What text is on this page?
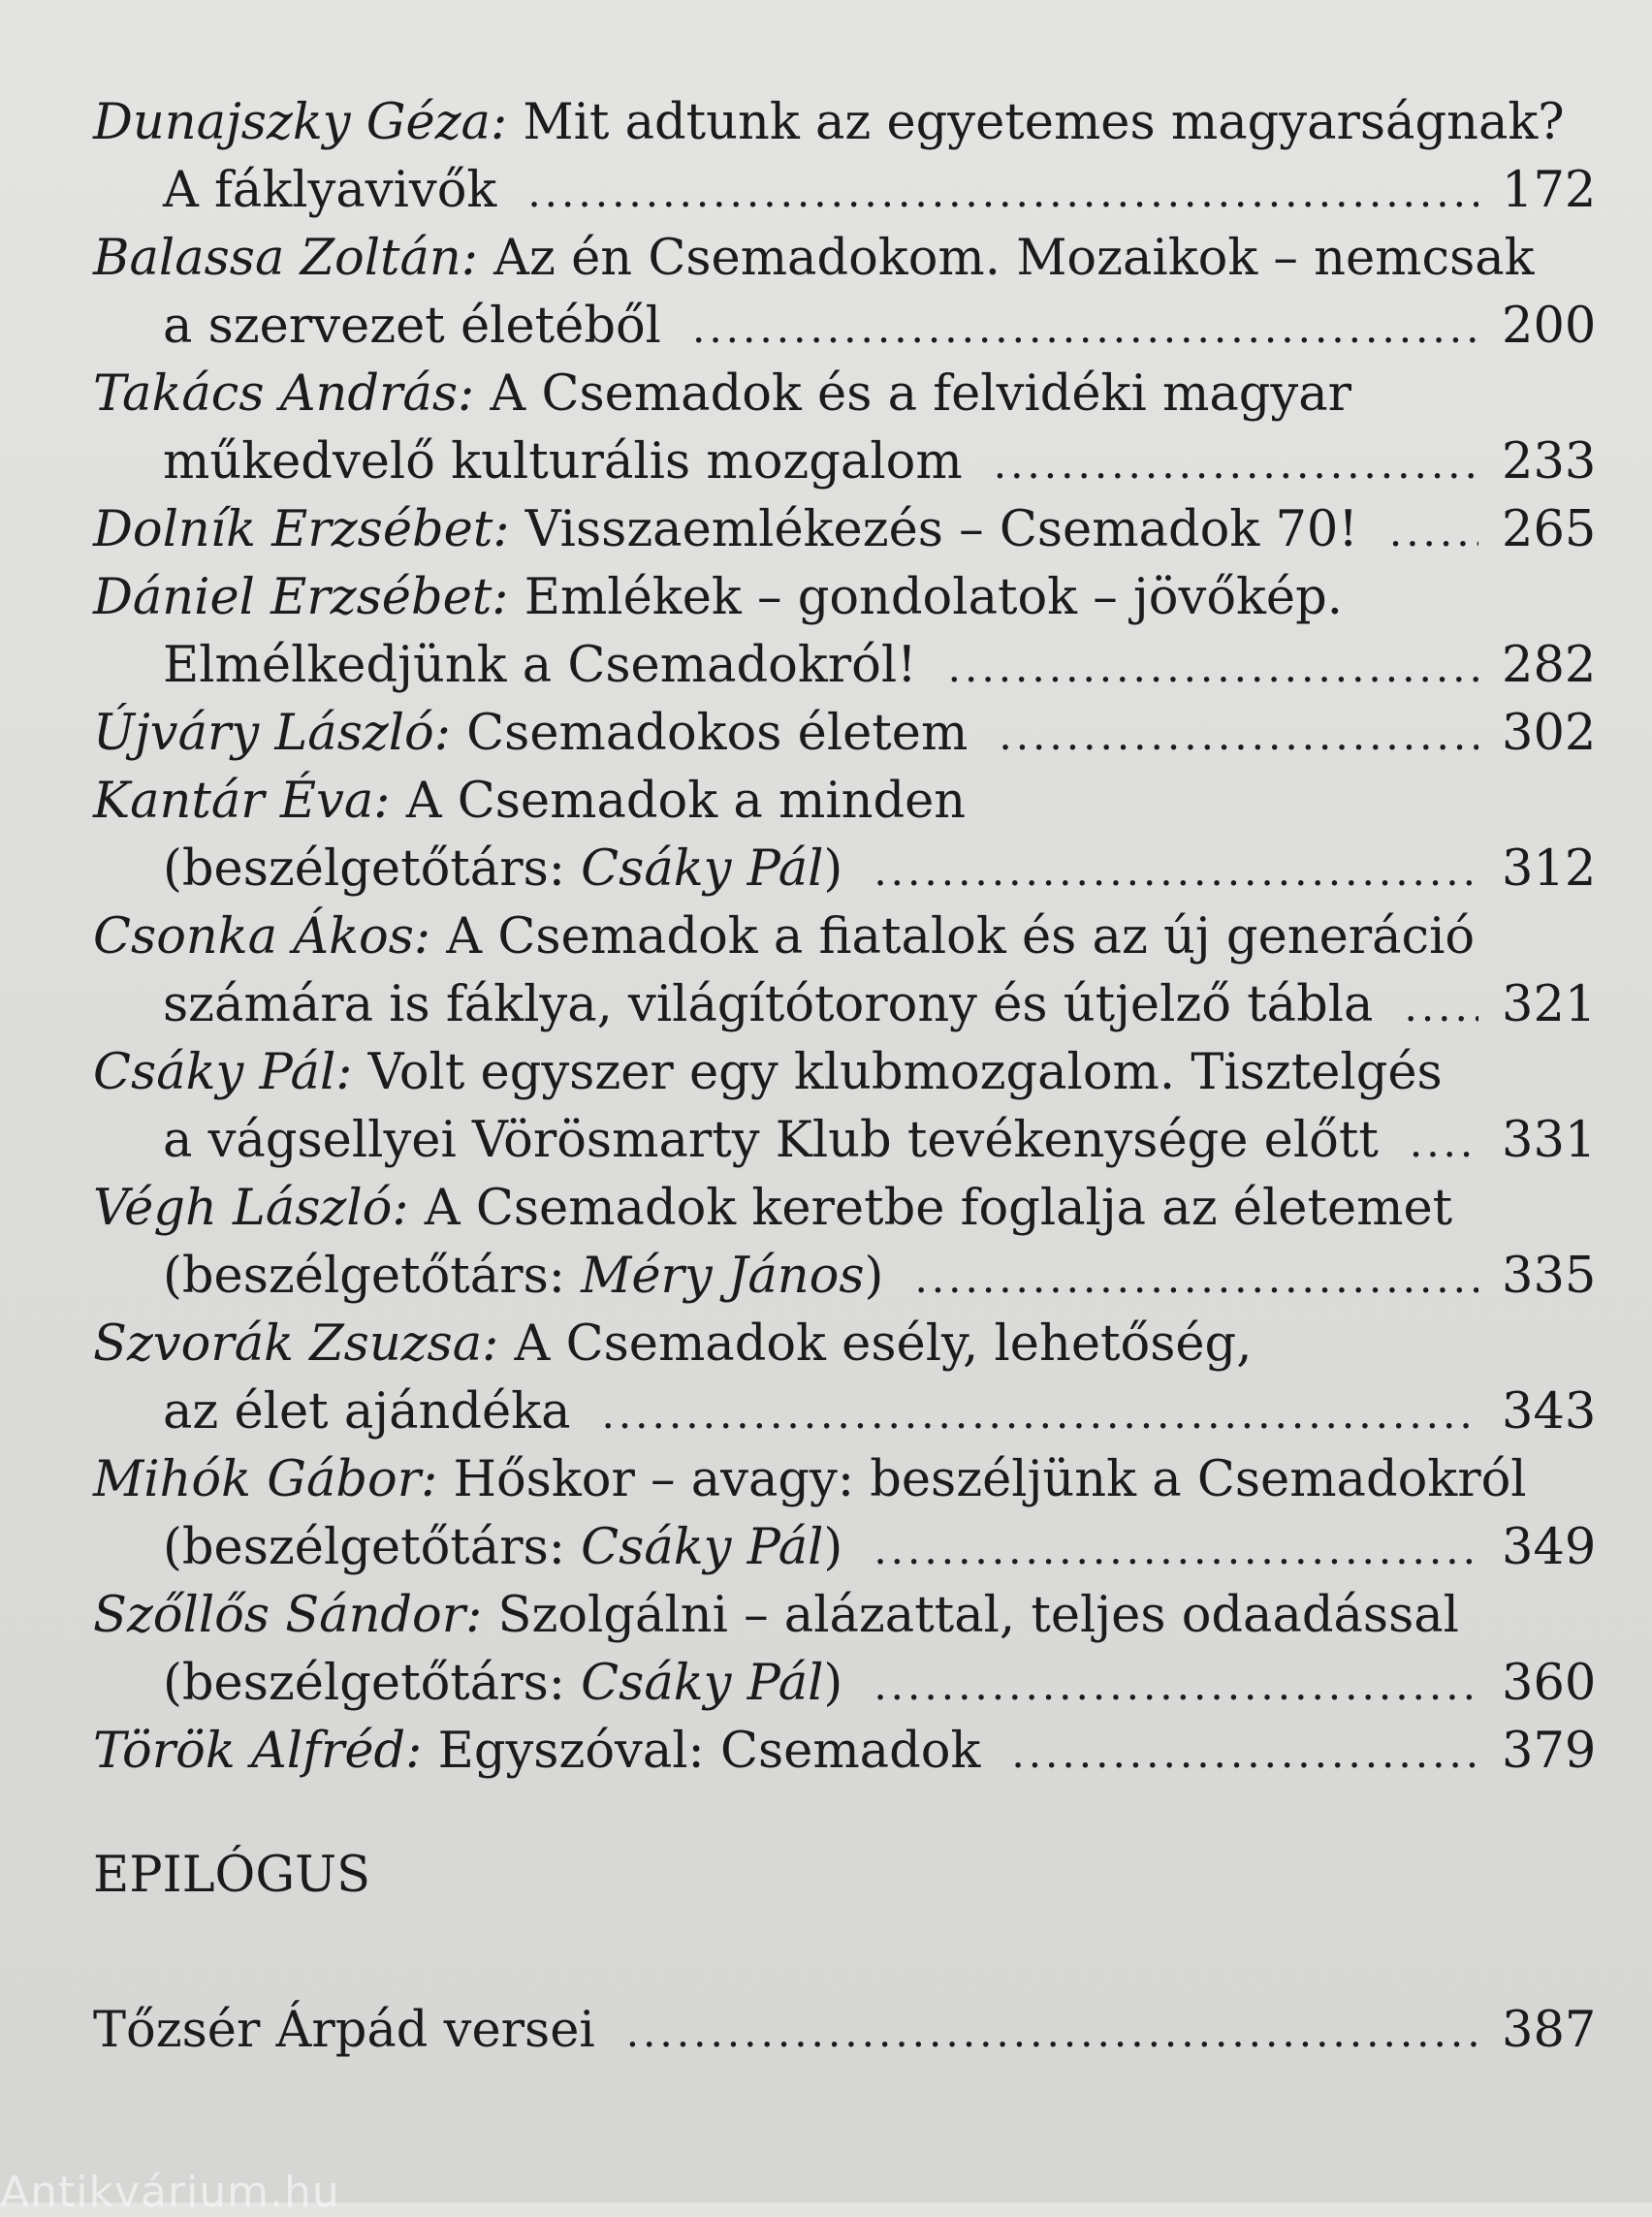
Dunajszky Géza: Mit adtunk az egyetemes magyarságnak?
A fáklyavivők .....	172
Balassa Zoltán: Az én Csemadokom. Mozaikok – nemcsak
a szervezet életéből .....	200
Takács András: A Csemadok és a felvidéki magyar
műkedvelő kulturális mozgalom .....	233
Dolník Erzsébet: Visszaemlékezés – Csemadok 70! .....	265
Dániel Erzsébet: Emlékek – gondolatok – jövőkép.
Elmélkedjünk a Csemadokról! .....	282
Újváry László: Csemadokos életem .....	302
Kantár Éva: A Csemadok a minden
(beszélgetőtárs: Csáky Pál) .....	312
Csonka Ákos: A Csemadok a fiatalok és az új generáció
számára is fáklya, világítótorony és útjelző tábla .....	321
Csáky Pál: Volt egyszer egy klubmozgalom. Tisztelgés
a vágsellyei Vörösmarty Klub tevékenysége előtt ..... 331
Végh László: A Csemadok keretbe foglalja az életemet
(beszélgetőtárs: Méry János) .....	335
Szvorák Zsuzsa: A Csemadok esély, lehetőség,
az élet ajándéka .....	343
Mihók Gábor: Hőskor – avagy: beszéljünk a Csemadokról
(beszélgetőtárs: Csáky Pál) .....	349
Szőllős Sándor: Szolgálni – alázattal, teljes odaadással
(beszélgetőtárs: Csáky Pál) .....	360
Török Alfréd: Egyszóval: Csemadok .....	379
EPILÓGUS
Tőzsér Árpád versei .....	387
Antikvárium.hu
